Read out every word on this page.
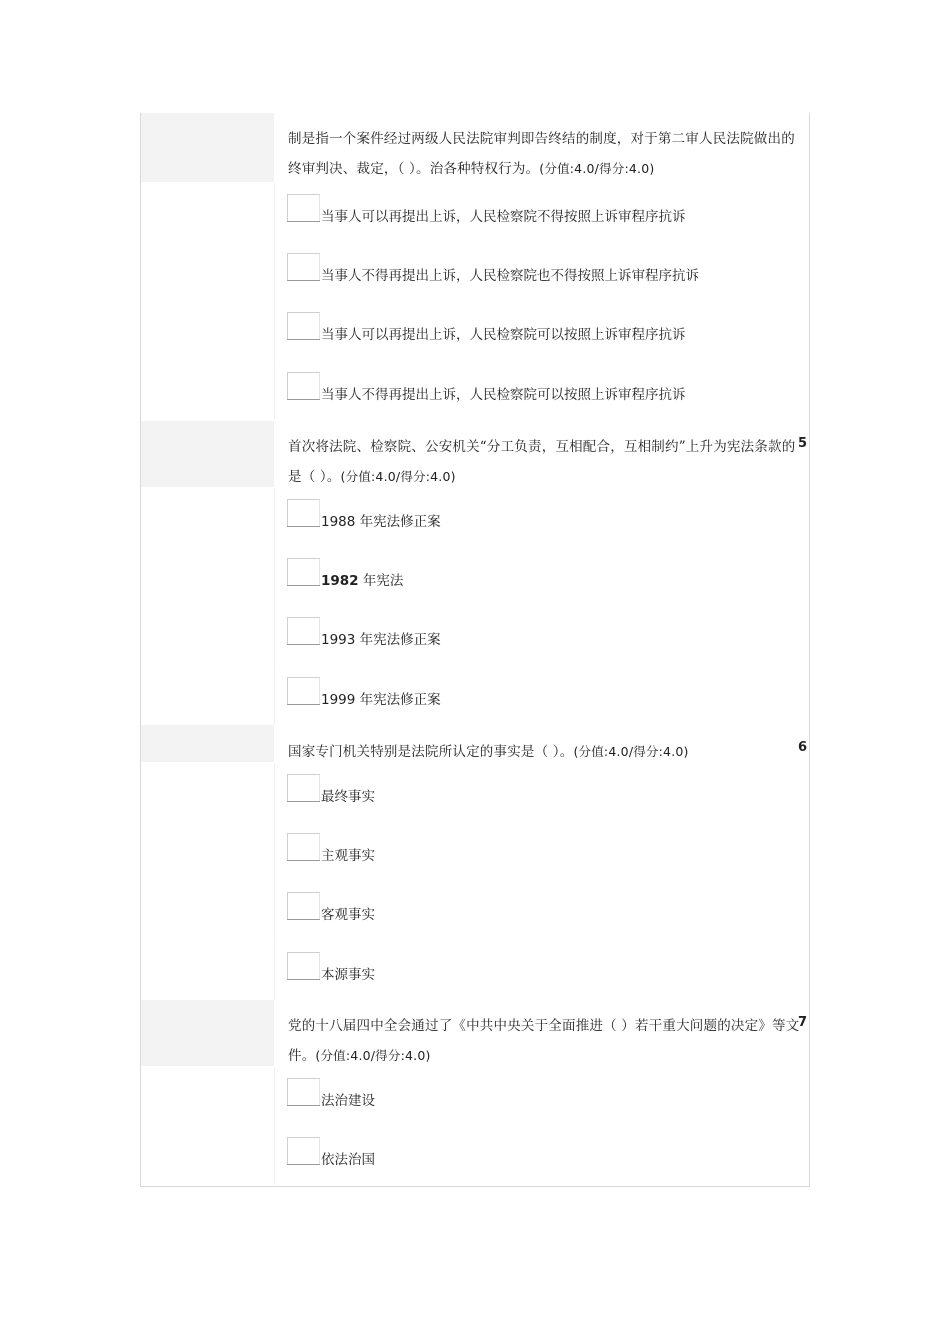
制是指一个案件经过两级人民法院审判即告终结的制度，对于第二审人民法院做出的终审判决、裁定，（ ）。治各种特权行为。(分值:4.0/得分:4.0)
当事人可以再提出上诉，人民检察院不得按照上诉审程序抗诉
当事人不得再提出上诉，人民检察院也不得按照上诉审程序抗诉
当事人可以再提出上诉，人民检察院可以按照上诉审程序抗诉
当事人不得再提出上诉，人民检察院可以按照上诉审程序抗诉
5
首次将法院、检察院、公安机关“分工负责，互相配合，互相制约”上升为宪法条款的是（ ）。(分值:4.0/得分:4.0)
1988 年宪法修正案
1982 年宪法
1993 年宪法修正案
1999 年宪法修正案
6
国家专门机关特别是法院所认定的事实是（ ）。(分值:4.0/得分:4.0)
最终事实
主观事实
客观事实
本源事实
7
党的十八届四中全会通过了《中共中央关于全面推进（ ）若干重大问题的决定》等文件。(分值:4.0/得分:4.0)
法治建设
依法治国
